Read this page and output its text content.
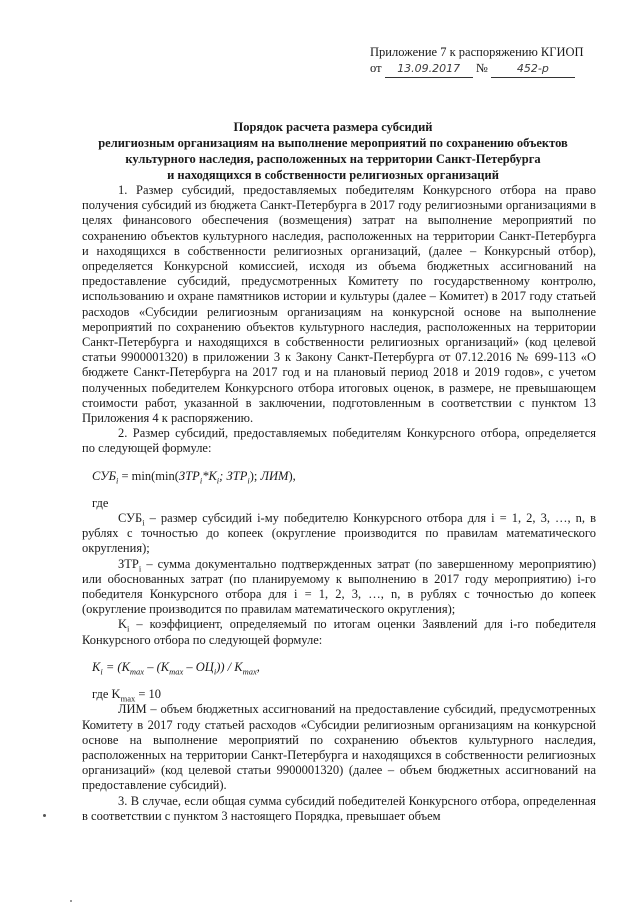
Приложение 7 к распоряжению КГИОП
от 13.09.2017 №	452-р
Порядок расчета размера субсидий
религиозным организациям на выполнение мероприятий по сохранению объектов
культурного наследия, расположенных на территории Санкт-Петербурга
и находящихся в собственности религиозных организаций

1. Размер субсидий, предоставляемых победителям Конкурсного отбора на право получения субсидий из бюджета Санкт-Петербурга в 2017 году религиозными организациями в целях финансового обеспечения (возмещения) затрат на выполнение мероприятий по сохранению объектов культурного наследия, расположенных на территории Санкт-Петербурга и находящихся в собственности религиозных организаций, (далее – Конкурсный отбор), определяется Конкурсной комиссией, исходя из объема бюджетных ассигнований на предоставление субсидий, предусмотренных Комитету по государственному контролю, использованию и охране памятников истории и культуры (далее – Комитет) в 2017 году статьей расходов «Субсидии религиозным организациям на конкурсной основе на выполнение мероприятий по сохранению объектов культурного наследия, расположенных на территории Санкт-Петербурга и находящихся в собственности религиозных организаций» (код целевой статьи 9900001320) в приложении 3 к Закону Санкт-Петербурга от 07.12.2016 № 699-113 «О бюджете Санкт-Петербурга на 2017 год и на плановый период 2018 и 2019 годов», с учетом полученных победителем Конкурсного отбора итоговых оценок, в размере, не превышающем стоимости работ, указанной в заключении, подготовленным в соответствии с пунктом 13 Приложения 4 к распоряжению.

2. Размер субсидий, предоставляемых победителям Конкурсного отбора, определяется по следующей формуле:

$СУБ_i = \min(\min(ЗТР_i*K_i$; $ЗТР_i$); ЛИМ),

где

$СУБ_i$ – размер субсидий i-му победителю Конкурсного отбора для i = 1, 2, 3, …, n, в рублях с точностью до копеек (округление производится по правилам математического округления);

$ЗТР_i$ – сумма документально подтвержденных затрат (по завершенному мероприятию) или обоснованных затрат (по планируемому к выполнению в 2017 году мероприятию) i-го победителя Конкурсного отбора для i = 1, 2, 3, …, n, в рублях с точностью до копеек (округление производится по правилам математического округления);

$K_i$ – коэффициент, определяемый по итогам оценки Заявлений для i-го победителя Конкурсного отбора по следующей формуле:

$K_i = (K_{max} - (K_{max} - ОЦ_i)) / K_{max}$,

где $K_{max} = 10$

ЛИМ – объем бюджетных ассигнований на предоставление субсидий, предусмотренных Комитету в 2017 году статьей расходов «Субсидии религиозным организациям на конкурсной основе на выполнение мероприятий по сохранению объектов культурного наследия, расположенных на территории Санкт-Петербурга и находящихся в собственности религиозных организаций» (код целевой статьи 9900001320) (далее – объем бюджетных ассигнований на предоставление субсидий).

3. В случае, если общая сумма субсидий победителей Конкурсного отбора, определенная в соответствии с пунктом 3 настоящего Порядка, превышает объем
